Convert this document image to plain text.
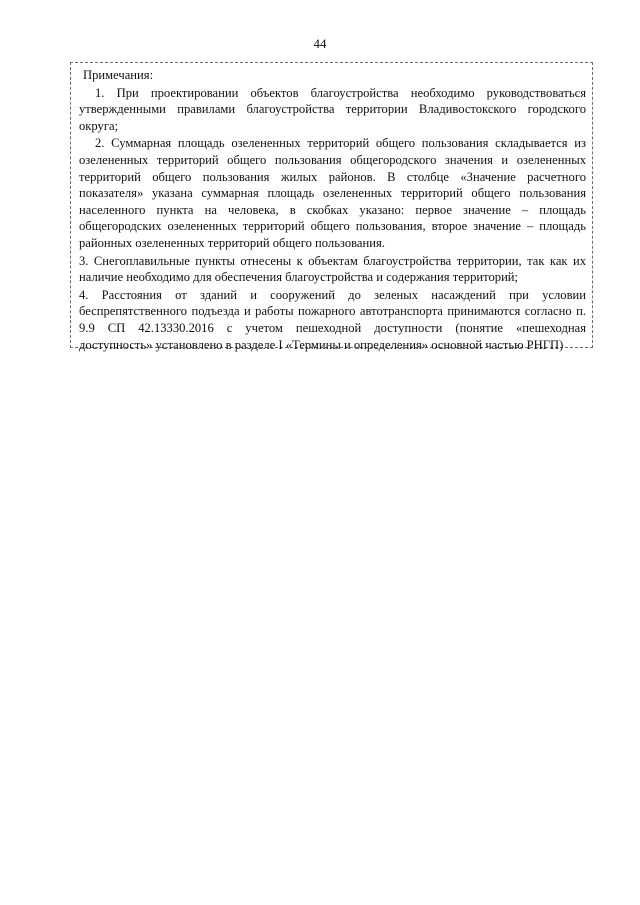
44
Примечания:
1. При проектировании объектов благоустройства необходимо руководствоваться
утвержденными правилами благоустройства территории Владивостокского городского
округа;
2. Суммарная площадь озелененных территорий общего пользования складывается из
озелененных территорий общего пользования общегородского значения и озелененных
территорий общего пользования жилых районов. В столбце «Значение расчетного
показателя» указана суммарная площадь озелененных территорий общего пользования
населенного пункта на человека, в скобках указано: первое значение – площадь
общегородских озелененных территорий общего пользования, второе значение – площадь
районных озелененных территорий общего пользования.
3. Снегоплавильные пункты отнесены к объектам благоустройства территории, так как их
наличие необходимо для обеспечения благоустройства и содержания территорий;
4. Расстояния от зданий и сооружений до зеленых насаждений при условии
беспрепятственного подъезда и работы пожарного автотранспорта принимаются согласно п.
9.9 СП 42.13330.2016 с учетом пешеходной доступности (понятие «пешеходная
доступность» установлено в разделе I «Термины и определения» основной частью РНГП)
